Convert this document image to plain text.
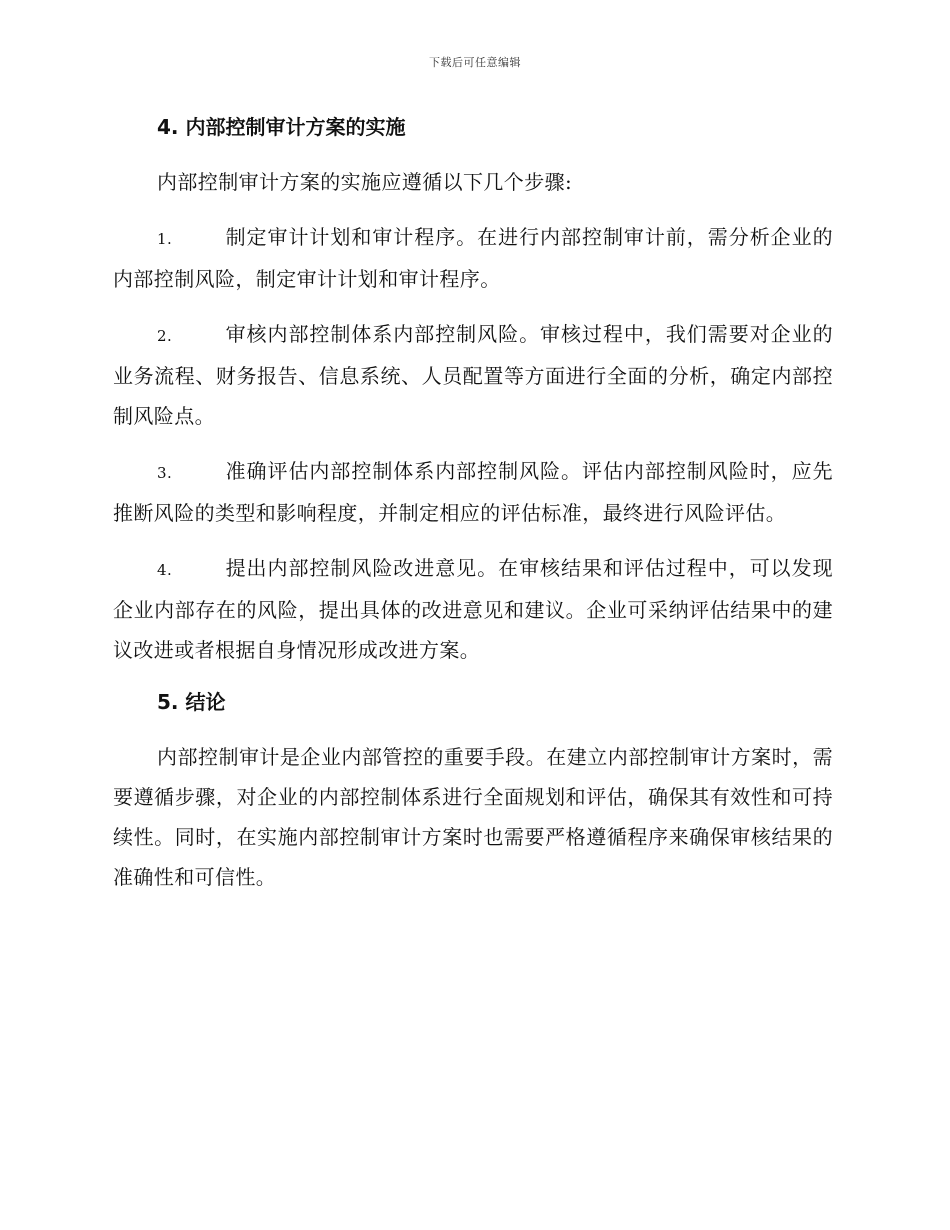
下载后可任意编辑
4. 内部控制审计方案的实施

内部控制审计方案的实施应遵循以下几个步骤:

1.	制定审计计划和审计程序。在进行内部控制审计前，需分析企业的内部控制风险，制定审计计划和审计程序。

2.	审核内部控制体系内部控制风险。审核过程中，我们需要对企业的业务流程、财务报告、信息系统、人员配置等方面进行全面的分析，确定内部控制风险点。

3.	准确评估内部控制体系内部控制风险。评估内部控制风险时，应先推断风险的类型和影响程度，并制定相应的评估标准，最终进行风险评估。

4.	提出内部控制风险改进意见。在审核结果和评估过程中，可以发现企业内部存在的风险，提出具体的改进意见和建议。企业可采纳评估结果中的建议改进或者根据自身情况形成改进方案。

5. 结论

内部控制审计是企业内部管控的重要手段。在建立内部控制审计方案时，需要遵循步骤，对企业的内部控制体系进行全面规划和评估，确保其有效性和可持续性。同时，在实施内部控制审计方案时也需要严格遵循程序来确保审核结果的准确性和可信性。
